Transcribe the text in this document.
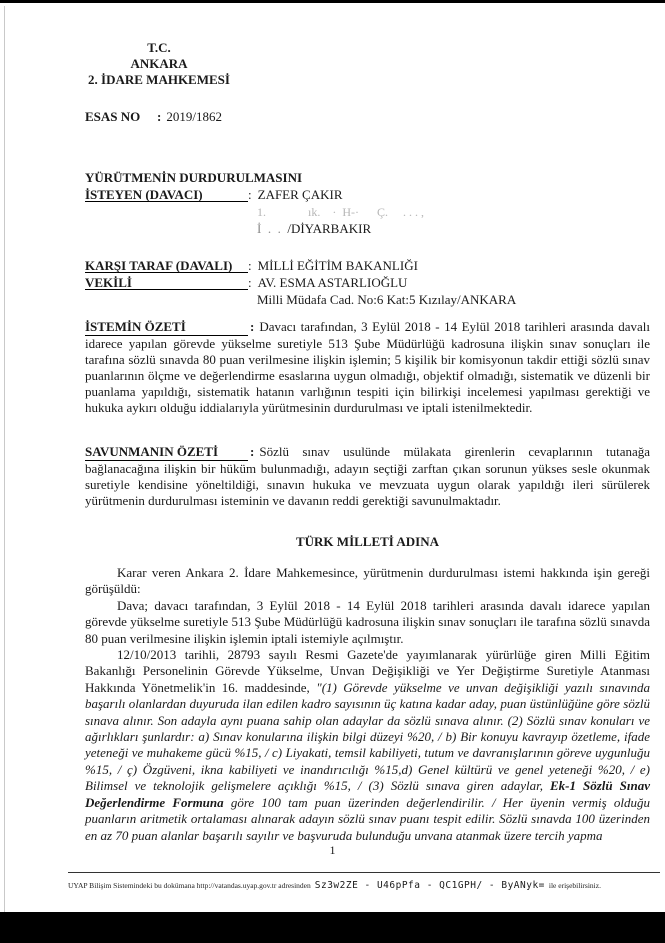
T.C.
ANKARA
2. İDARE MAHKEMESİ
ESAS NO : 2019/1862
YÜRÜTMENİN DURDURULMASINI
İSTEYEN (DAVACI)	: ZAFER ÇAKIR
1.              ık.    ·  H-·      Ç.     . . . ,
İ  .  .  /DİYARBAKIR
KARŞI TARAF (DAVALI) : MİLLİ EĞİTİM BAKANLIĞI
VEKİLİ	: AV. ESMA ASTARLIOĞLU
Milli Müdafa Cad. No:6 Kat:5 Kızılay/ANKARA

İSTEMİN ÖZETİ	: Davacı tarafından, 3 Eylül 2018 - 14 Eylül 2018 tarihleri arasında davalı idarece yapılan görevde yükselme suretiyle 513 Şube Müdürlüğü kadrosuna ilişkin sınav sonuçları ile tarafına sözlü sınavda 80 puan verilmesine ilişkin işlemin; 5 kişilik bir komisyonun takdir ettiği sözlü sınav puanlarının ölçme ve değerlendirme esaslarına uygun olmadığı, objektif olmadığı, sistematik ve düzenli bir puanlama yapıldığı, sistematik hatanın varlığının tespiti için bilirkişi incelemesi yapılması gerektiği ve hukuka aykırı olduğu iddialarıyla yürütmesinin durdurulması ve iptali istenilmektedir.

SAVUNMANIN ÖZETİ : Sözlü sınav usulünde mülakata girenlerin cevaplarının tutanağa bağlanacağına ilişkin bir hüküm bulunmadığı, adayın seçtiği zarftan çıkan sorunun yükses sesle okunmak suretiyle kendisine yöneltildiği, sınavın hukuka ve mevzuata uygun olarak yapıldığı ileri sürülerek yürütmenin durdurulması isteminin ve davanın reddi gerektiği savunulmaktadır.

TÜRK MİLLETİ ADINA

Karar veren Ankara 2. İdare Mahkemesince, yürütmenin durdurulması istemi hakkında işin gereği görüşüldü:

Dava; davacı tarafından, 3 Eylül 2018 - 14 Eylül 2018 tarihleri arasında davalı idarece yapılan görevde yükselme suretiyle 513 Şube Müdürlüğü kadrosuna ilişkin sınav sonuçları ile tarafına sözlü sınavda 80 puan verilmesine ilişkin işlemin iptali istemiyle açılmıştır.

12/10/2013 tarihli, 28793 sayılı Resmi Gazete'de yayımlanarak yürürlüğe giren Milli Eğitim Bakanlığı Personelinin Görevde Yükselme, Unvan Değişikliği ve Yer Değiştirme Suretiyle Atanması Hakkında Yönetmelik'in 16. maddesinde, "(1) Görevde yükselme ve unvan değişikliği yazılı sınavında başarılı olanlardan duyuruda ilan edilen kadro sayısının üç katına kadar aday, puan üstünlüğüne göre sözlü sınava alınır. Son adayla aynı puana sahip olan adaylar da sözlü sınava alınır. (2) Sözlü sınav konuları ve ağırlıkları şunlardır: a) Sınav konularına ilişkin bilgi düzeyi %20, / b) Bir konuyu kavrayıp özetleme, ifade yeteneği ve muhakeme gücü %15, / c) Liyakati, temsil kabiliyeti, tutum ve davranışlarının göreve uygunluğu %15, / ç) Özgüveni, ikna kabiliyeti ve inandırıcılığı %15,d) Genel kültürü ve genel yeteneği %20, / e) Bilimsel ve teknolojik gelişmelere açıklığı %15, / (3) Sözlü sınava giren adaylar, Ek-1 Sözlü Sınav Değerlendirme Formuna göre 100 tam puan üzerinden değerlendirilir. / Her üyenin vermiş olduğu puanların aritmetik ortalaması alınarak adayın sözlü sınav puanı tespit edilir. Sözlü sınavda 100 üzerinden en az 70 puan alanlar başarılı sayılır ve başvuruda bulunduğu unvana atanmak üzere tercih yapma

1
UYAP Bilişim Sistemindeki bu dokümana http://vatandas.uyap.gov.tr adresinden Sz3w2ZE - U46pPfa - QC1GPH/ - ByANyk= ile erişebilirsiniz.
